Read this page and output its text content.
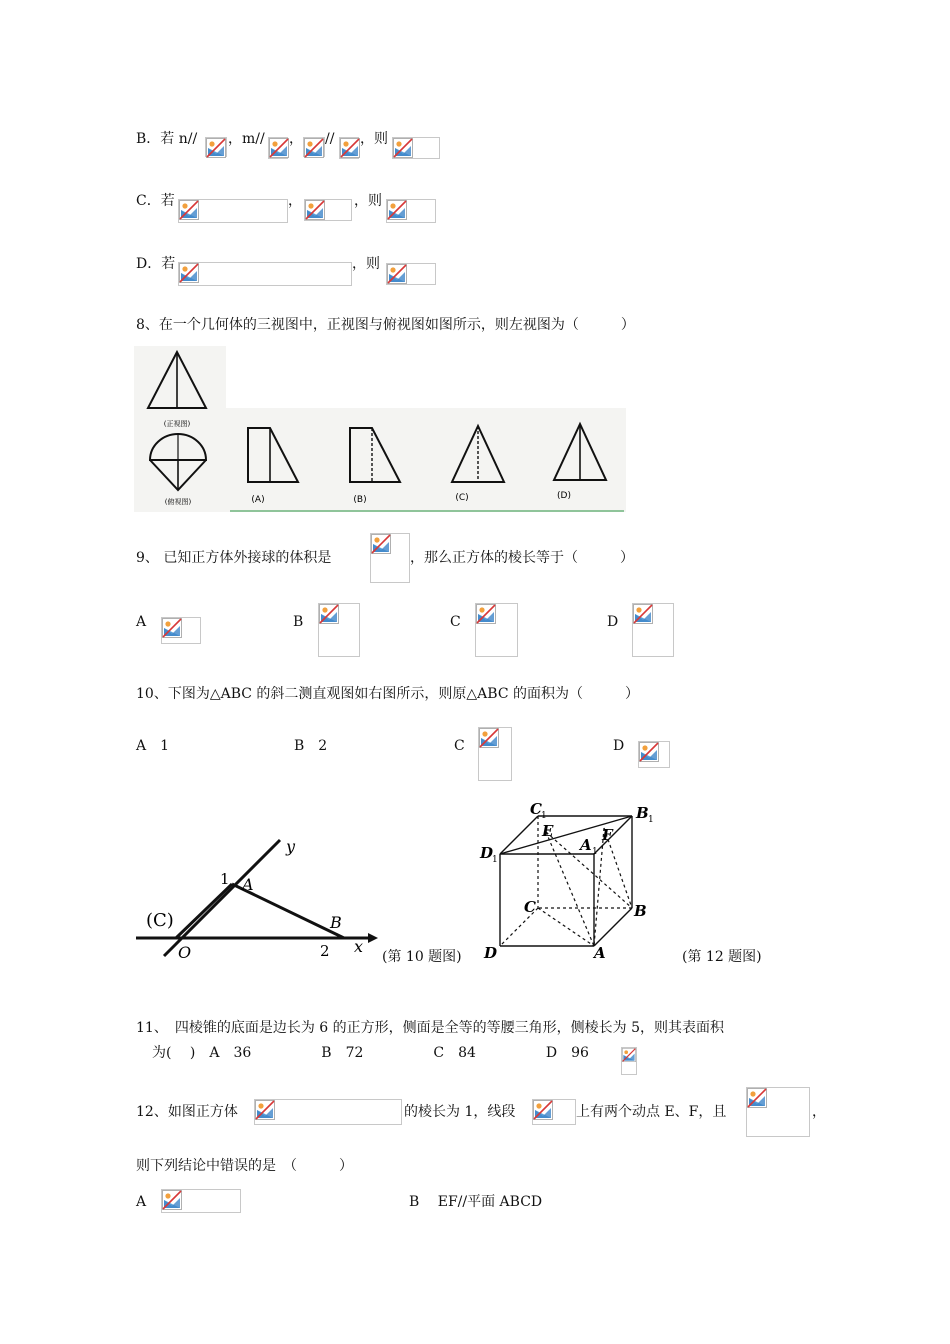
B．若 n// ，m// ， // ，则
C．若	，	，则
D．若	，则
8、在一个几何体的三视图中，正视图与俯视图如图所示，则左视图为（　　　）
(正视图)
(俯视图)	(A)	(B)	(C)	(D)
9、 已知正方体外接球的体积是	，那么正方体的棱长等于（　　　）
A	B	C	D
10、下图为△ABC 的斜二测直观图如右图所示，则原△ABC 的面积为（　　　）
A　1	B　2	C	D
y
x
(C)
O
1 A
B
2	(第 10 题图)
C 1	B 1
D
1
A 1
E	F
C	B
D	A	(第 12 题图)
11、　四棱锥的底面是边长为 6 的正方形，侧面是全等的等腰三角形，侧棱长为 5，则其表面积
为(　 )　A　36　　　　　B　72　　　　　C　84　　　　　D　96
12、如图正方体	的棱长为 1，线段	上有两个动点 E、F，且	，
则下列结论中错误的是　（　　　）
A	B　 EF//平面 ABCD
